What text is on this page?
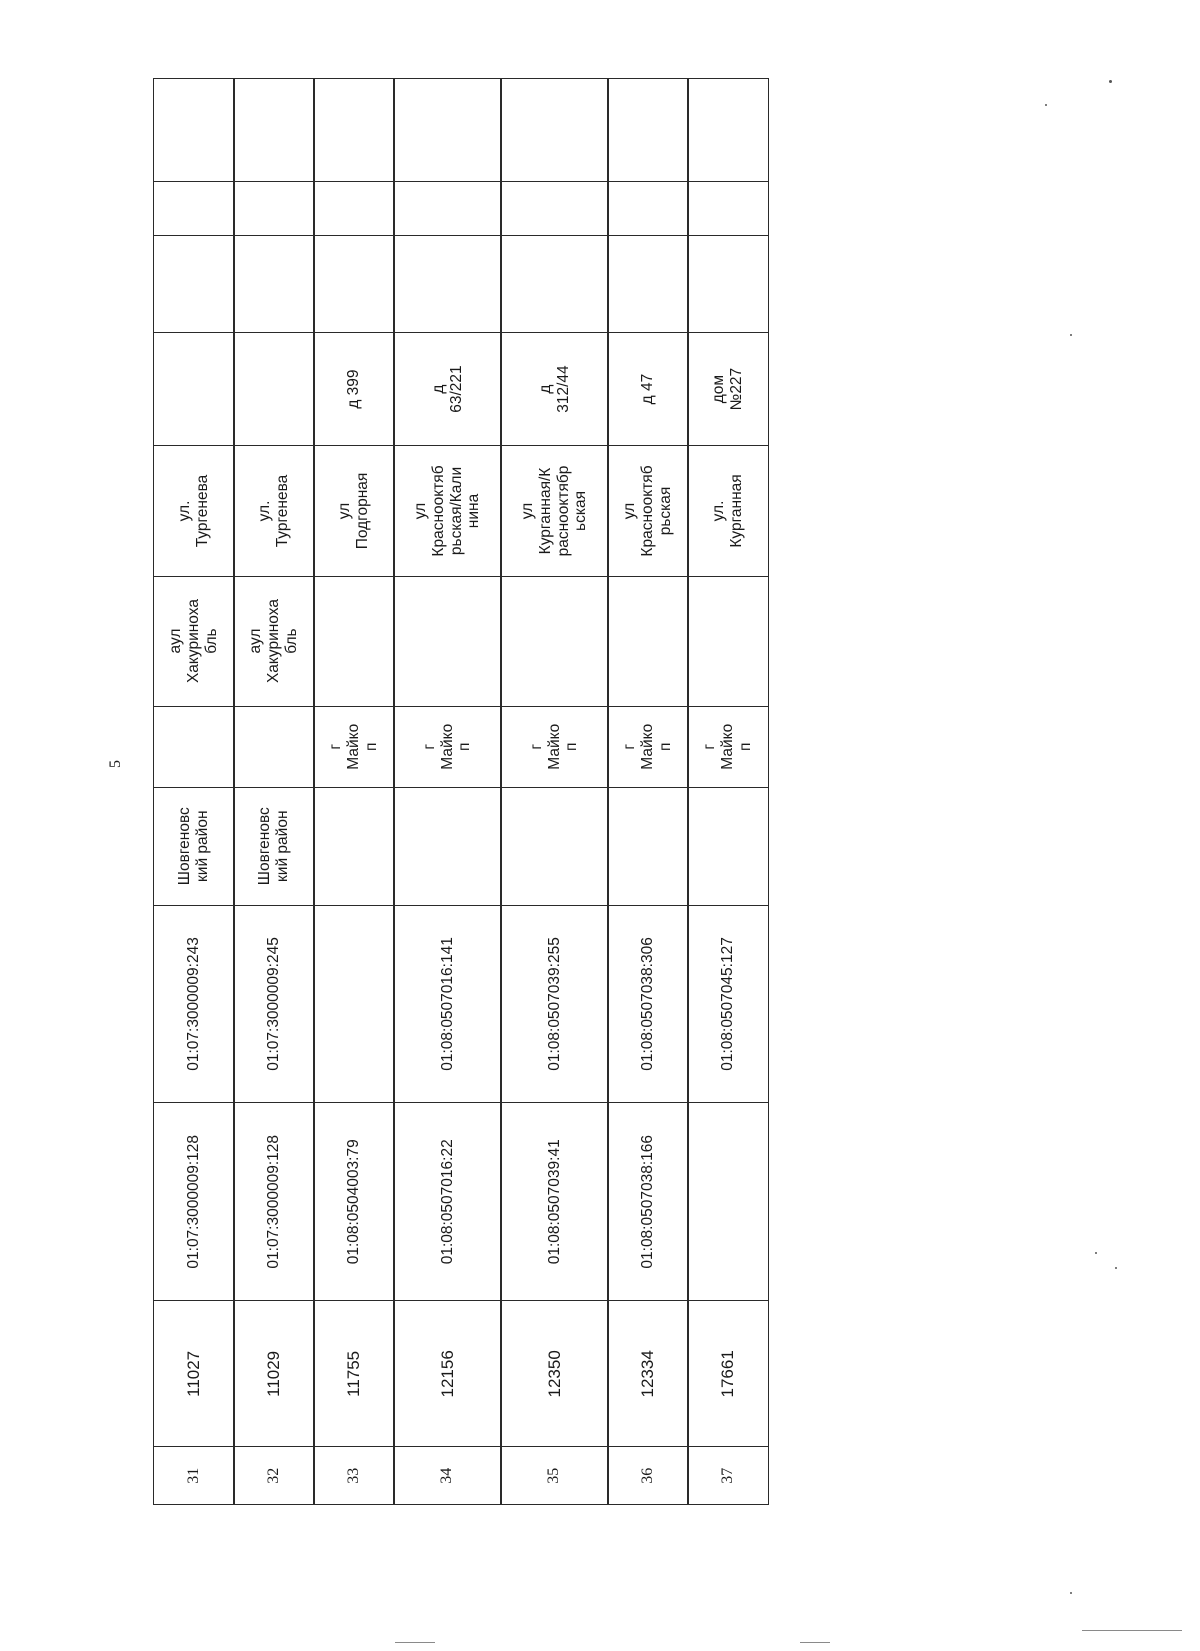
5
31
11027
01:07:3000009:128
01:07:3000009:243
Шовгеновс
кий район
аул
Хакуриноха
бль
ул.
Тургенева
32
11029
01:07:3000009:128
01:07:3000009:245
Шовгеновс
кий район
аул
Хакуриноха
бль
ул.
Тургенева
33
11755
01:08:0504003:79
г
Майко
п
ул
Подгорная
д 399
34
12156
01:08:0507016:22
01:08:0507016:141
г
Майко
п
ул
Краснооктяб
рьская/Кали
нина
д
63/221
35
12350
01:08:0507039:41
01:08:0507039:255
г
Майко
п
ул
Курганная/К
раснооктябр
ьская
д
312/44
36
12334
01:08:0507038:166
01:08:0507038:306
г
Майко
п
ул
Краснооктяб
рьская
д 47
37
17661
01:08:0507045:127
г
Майко
п
ул.
Курганная
дом
№227
